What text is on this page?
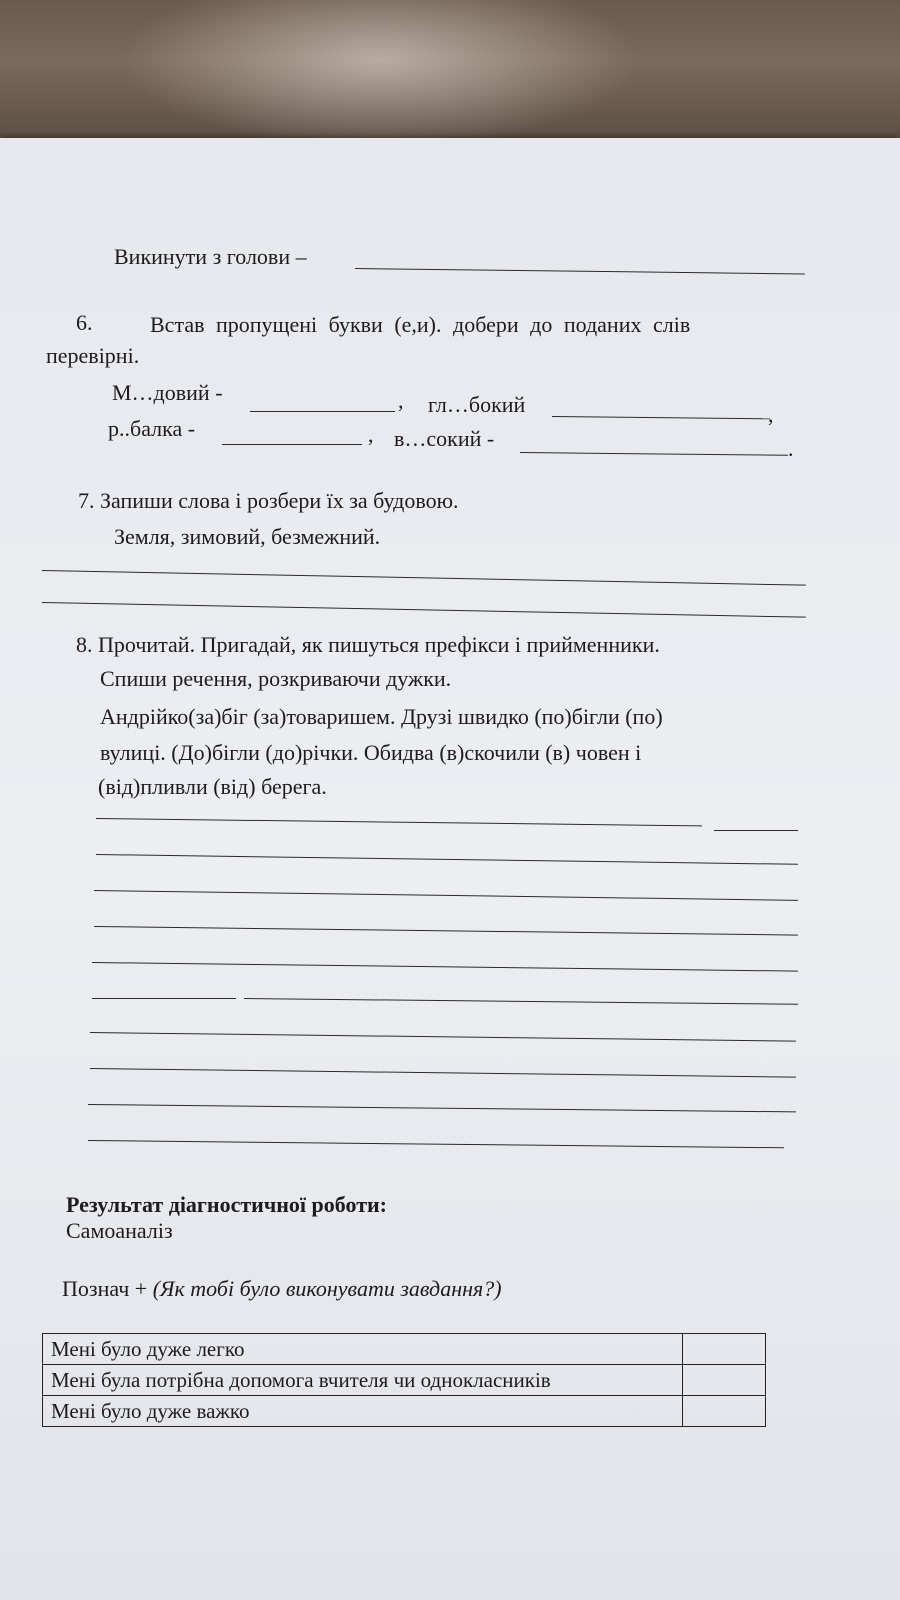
Викинути з голови –
6.	Встав пропущені букви (е,и). добери до поданих слів
перевірні.
М…довий -	, гл…бокий	,
р..балка -	, в…сокий -	.
7. Запиши слова і розбери їх за будовою.
Земля, зимовий, безмежний.
8. Прочитай. Пригадай, як пишуться префікси і прийменники.
Спиши речення, розкриваючи дужки.
Андрійко(за)біг (за)товаришем. Друзі швидко (по)бігли (по)
вулиці. (До)бігли (до)річки. Обидва (в)скочили (в) човен і
(від)пливли (від) берега.
Результат діагностичної роботи:
Самоаналіз
Познач + (Як тобі було виконувати завдання?)
Мені було дуже легко	
Мені була потрібна допомога вчителя чи однокласників	
Мені було дуже важко	
